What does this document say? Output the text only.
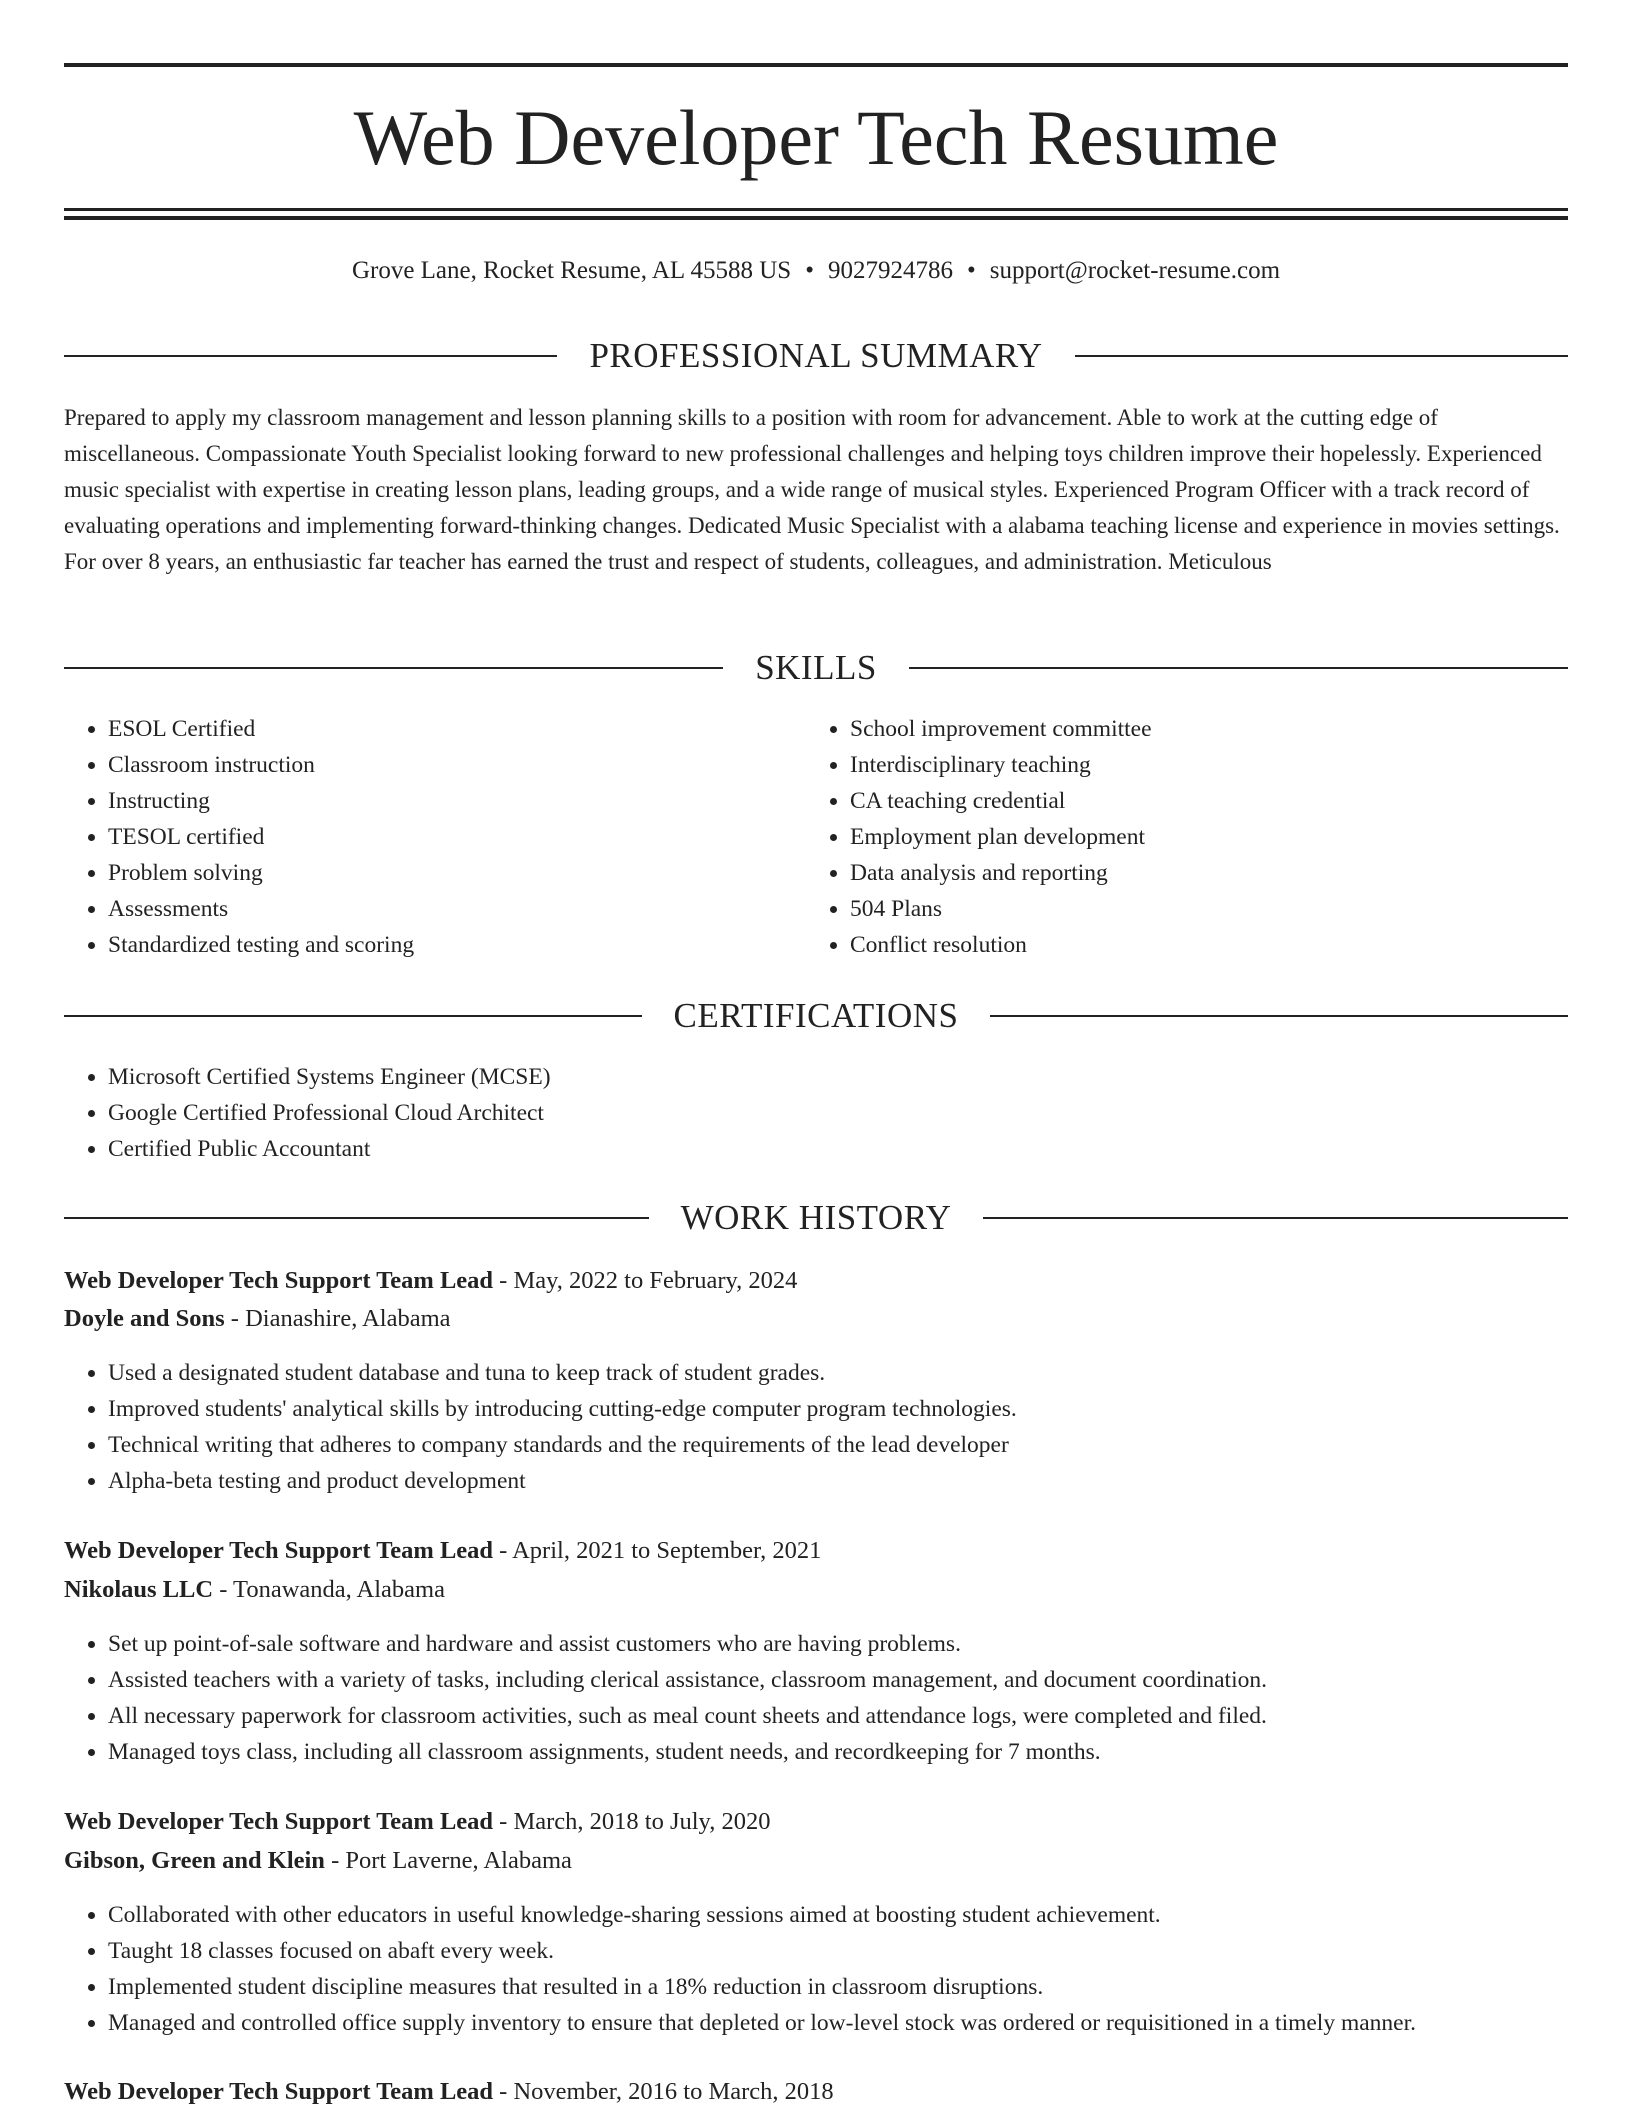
Web Developer Tech Resume
Grove Lane, Rocket Resume, AL 45588 US • 9027924786 • support@rocket-resume.com
PROFESSIONAL SUMMARY

Prepared to apply my classroom management and lesson planning skills to a position with room for advancement. Able to work at the cutting edge of miscellaneous. Compassionate Youth Specialist looking forward to new professional challenges and helping toys children improve their hopelessly. Experienced music specialist with expertise in creating lesson plans, leading groups, and a wide range of musical styles. Experienced Program Officer with a track record of evaluating operations and implementing forward-thinking changes. Dedicated Music Specialist with a alabama teaching license and experience in movies settings. For over 8 years, an enthusiastic far teacher has earned the trust and respect of students, colleagues, and administration. Meticulous

SKILLS
• ESOL Certified
• Classroom instruction
• Instructing
• TESOL certified
• Problem solving
• Assessments
• Standardized testing and scoring
• School improvement committee
• Interdisciplinary teaching
• CA teaching credential
• Employment plan development
• Data analysis and reporting
• 504 Plans
• Conflict resolution
CERTIFICATIONS
• Microsoft Certified Systems Engineer (MCSE)
• Google Certified Professional Cloud Architect
• Certified Public Accountant
WORK HISTORY
Web Developer Tech Support Team Lead - May, 2022 to February, 2024
Doyle and Sons - Dianashire, Alabama
• Used a designated student database and tuna to keep track of student grades.
• Improved students' analytical skills by introducing cutting-edge computer program technologies.
• Technical writing that adheres to company standards and the requirements of the lead developer
• Alpha-beta testing and product development
Web Developer Tech Support Team Lead - April, 2021 to September, 2021
Nikolaus LLC - Tonawanda, Alabama
• Set up point-of-sale software and hardware and assist customers who are having problems.
• Assisted teachers with a variety of tasks, including clerical assistance, classroom management, and document coordination.
• All necessary paperwork for classroom activities, such as meal count sheets and attendance logs, were completed and filed.
• Managed toys class, including all classroom assignments, student needs, and recordkeeping for 7 months.
Web Developer Tech Support Team Lead - March, 2018 to July, 2020
Gibson, Green and Klein - Port Laverne, Alabama
• Collaborated with other educators in useful knowledge-sharing sessions aimed at boosting student achievement.
• Taught 18 classes focused on abaft every week.
• Implemented student discipline measures that resulted in a 18% reduction in classroom disruptions.
• Managed and controlled office supply inventory to ensure that depleted or low-level stock was ordered or requisitioned in a timely manner.
Web Developer Tech Support Team Lead - November, 2016 to March, 2018
